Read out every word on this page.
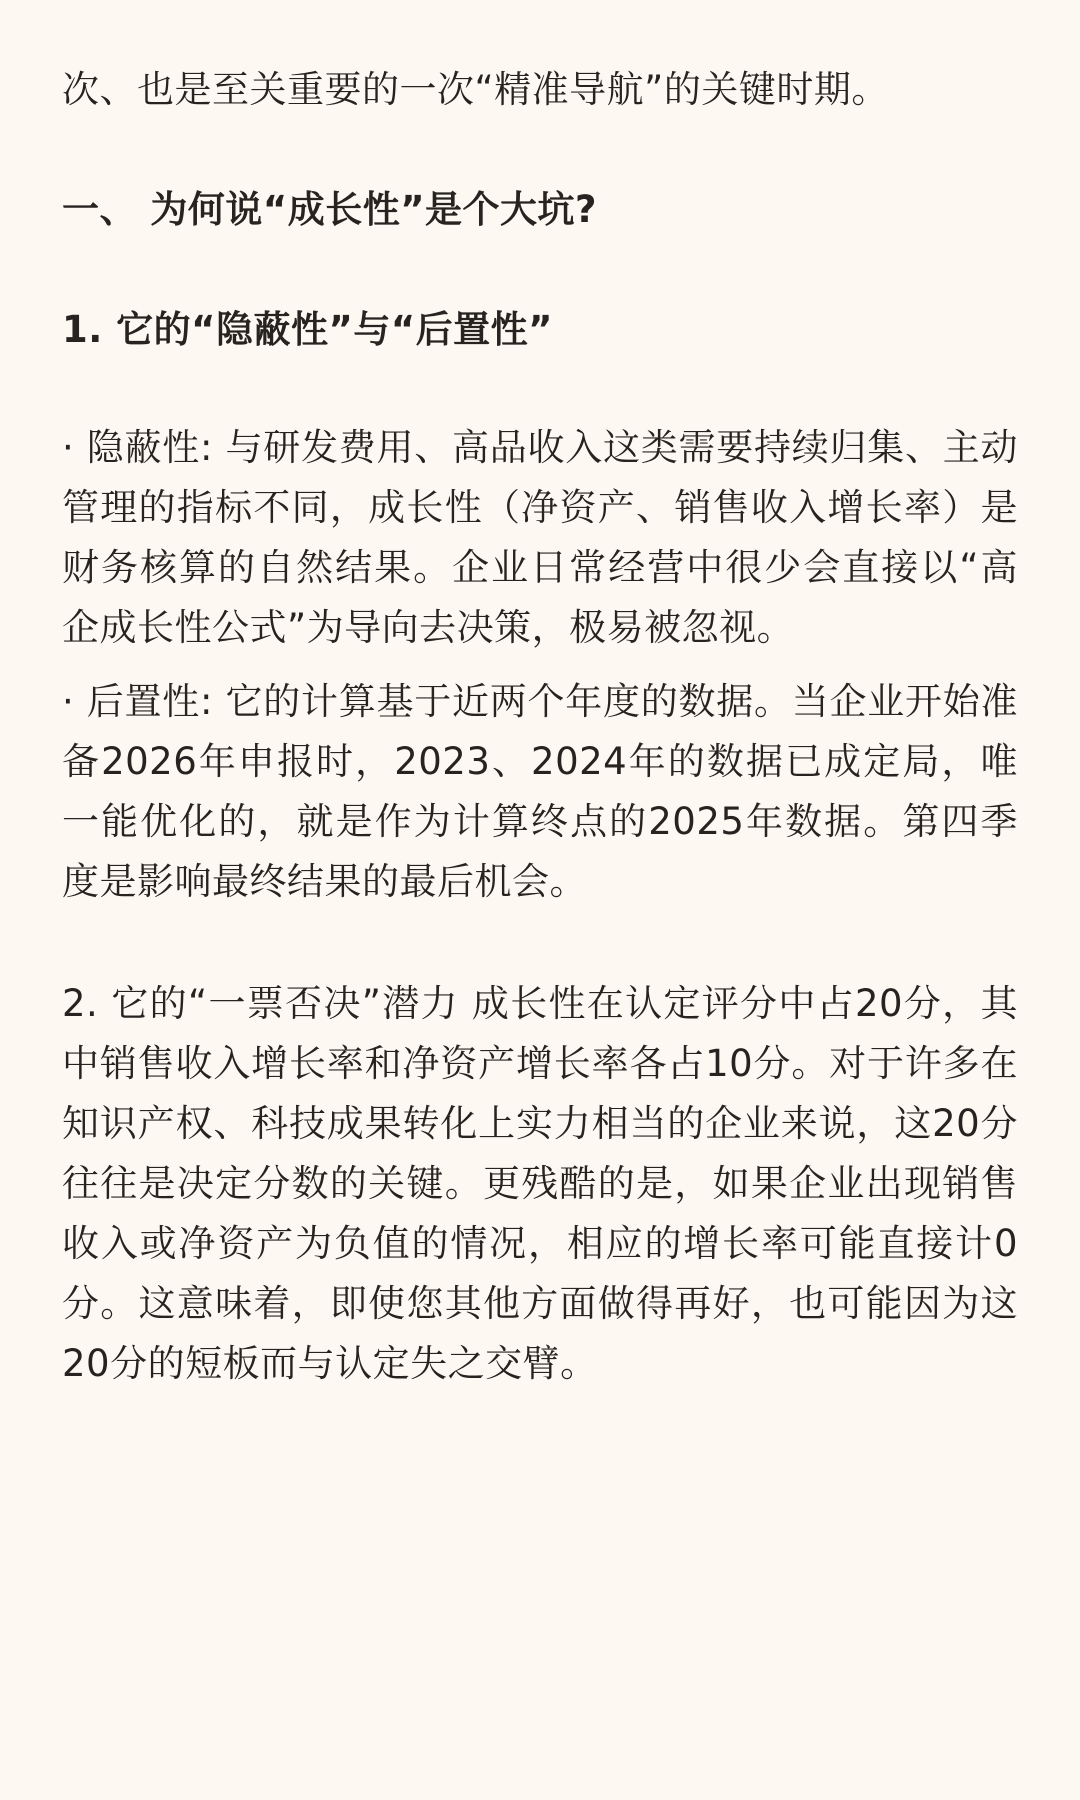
次、也是至关重要的一次“精准导航”的关键时期。

一、 为何说“成长性”是个大坑?
1. 它的“隐蔽性”与“后置性”

· 隐蔽性: 与研发费用、高品收入这类需要持续归集、主动管理的指标不同，成长性（净资产、销售收入增长率）是财务核算的自然结果。企业日常经营中很少会直接以“高企成长性公式”为导向去决策，极易被忽视。

· 后置性: 它的计算基于近两个年度的数据。当企业开始准备2026年申报时，2023、2024年的数据已成定局，唯一能优化的，就是作为计算终点的2025年数据。第四季度是影响最终结果的最后机会。

2. 它的“一票否决”潜力 成长性在认定评分中占20分，其中销售收入增长率和净资产增长率各占10分。对于许多在知识产权、科技成果转化上实力相当的企业来说，这20分往往是决定分数的关键。更残酷的是，如果企业出现销售收入或净资产为负值的情况，相应的增长率可能直接计0分。这意味着，即使您其他方面做得再好，也可能因为这20分的短板而与认定失之交臂。
